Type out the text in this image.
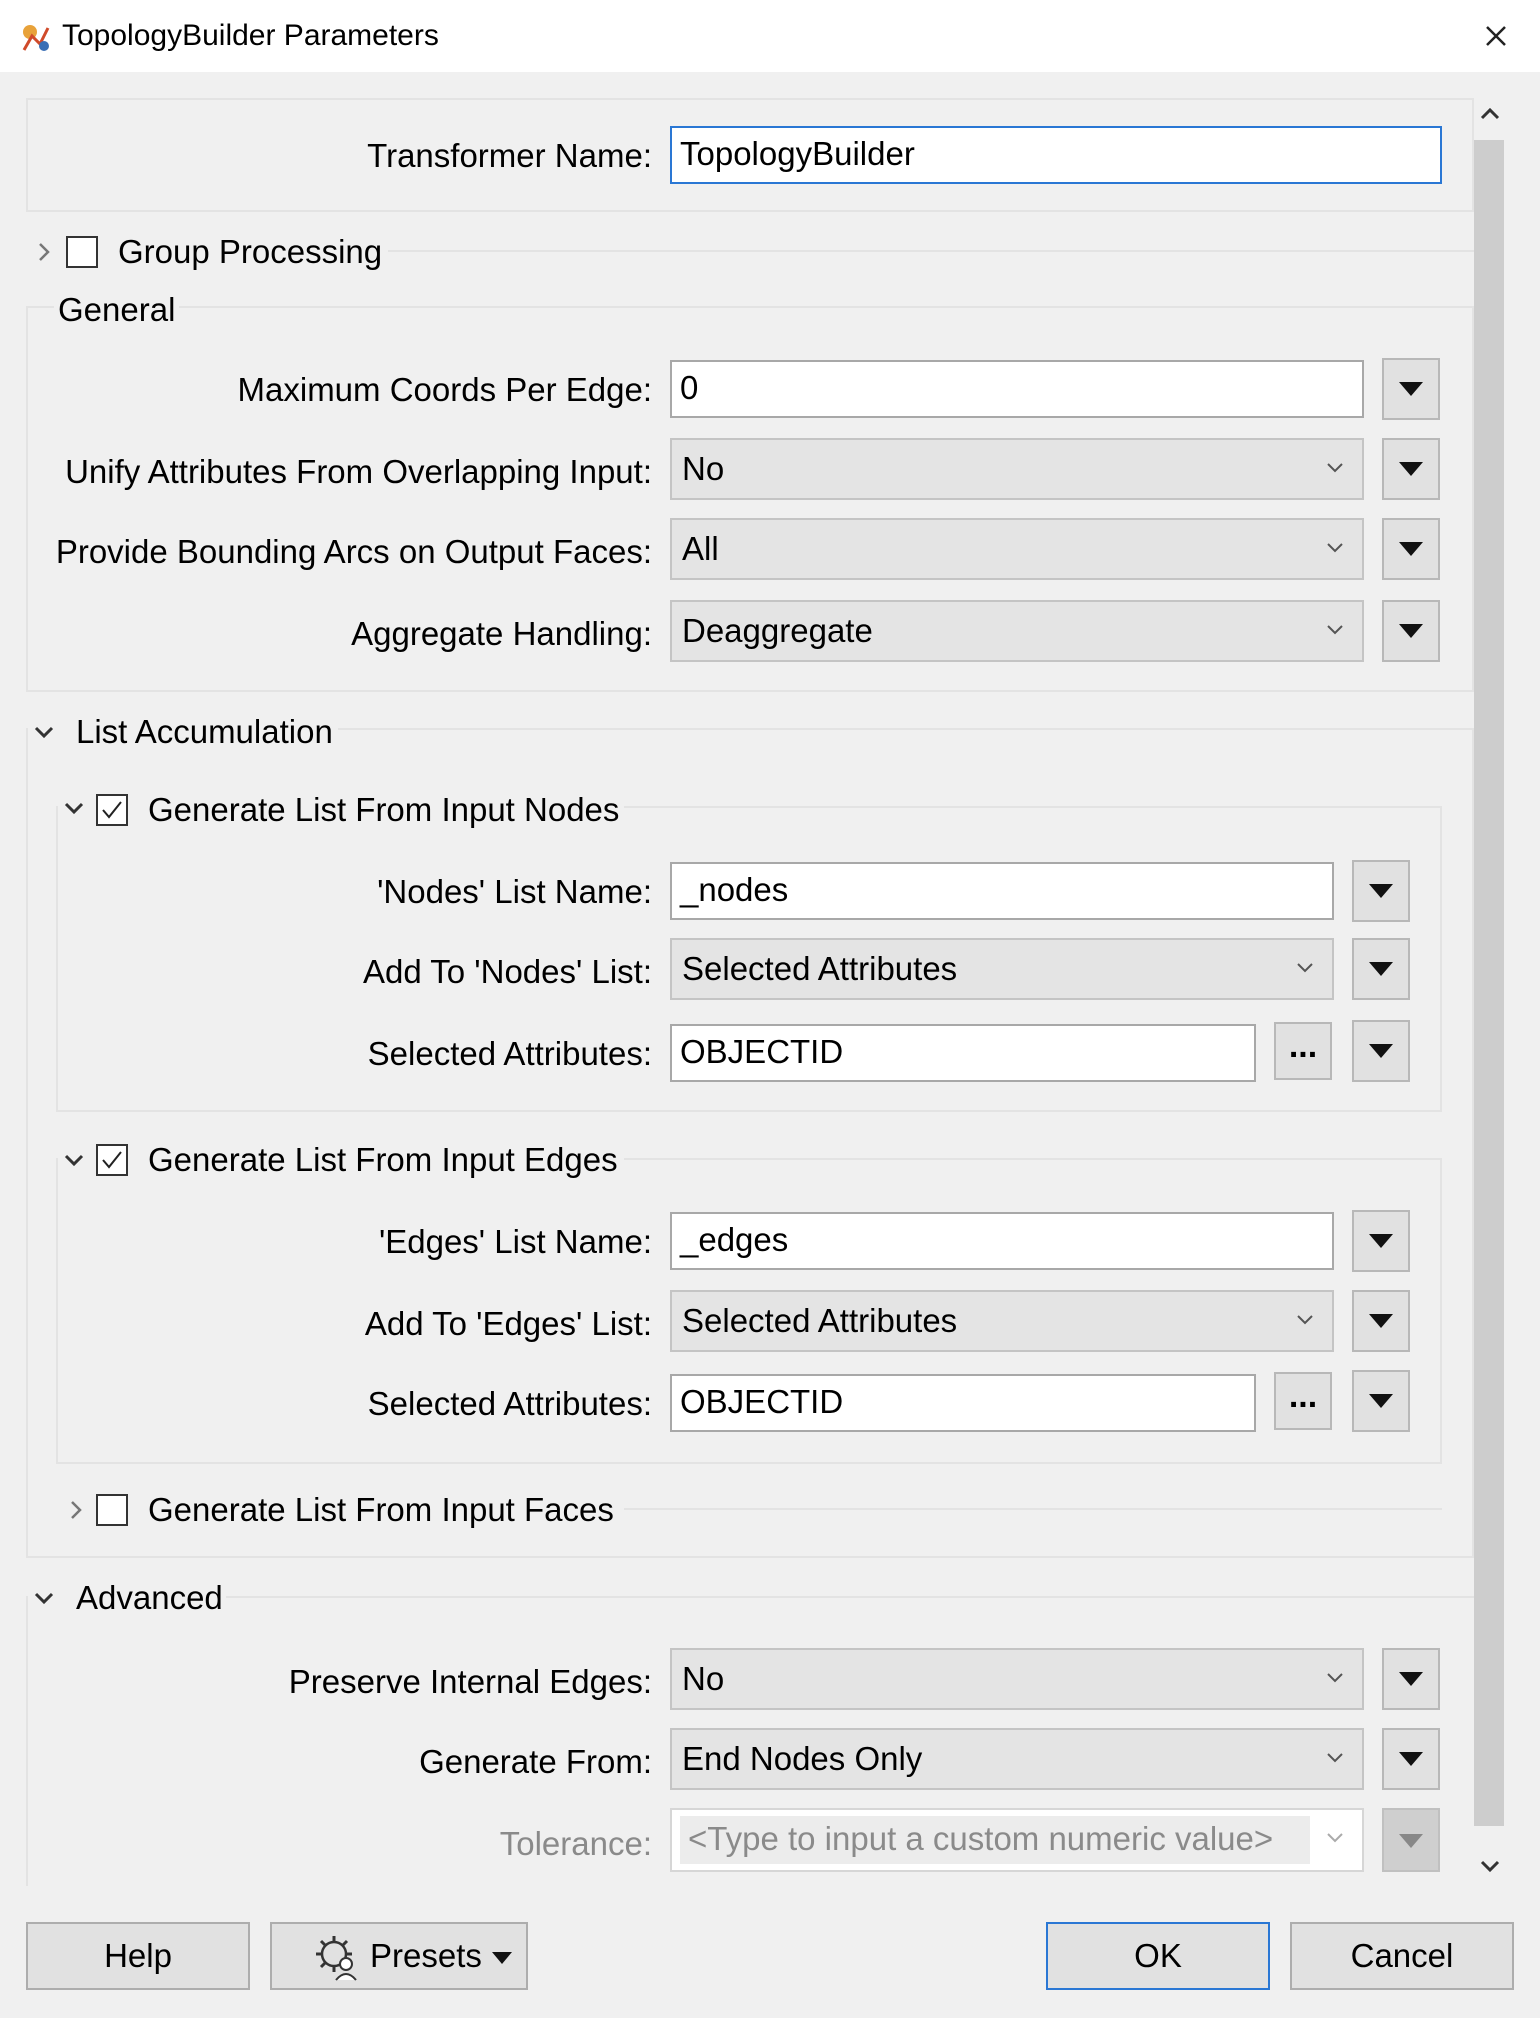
TopologyBuilder Parameters
Transformer Name: TopologyBuilder
Group Processing
General
Maximum Coords Per Edge: 0
Unify Attributes From Overlapping Input: No
Provide Bounding Arcs on Output Faces: All
Aggregate Handling: Deaggregate
List Accumulation
Generate List From Input Nodes
'Nodes' List Name: _nodes
Add To 'Nodes' List: Selected Attributes
Selected Attributes: OBJECTID	...
Generate List From Input Edges
'Edges' List Name: _edges
Add To 'Edges' List: Selected Attributes
Selected Attributes: OBJECTID	...
Generate List From Input Faces
Advanced
Preserve Internal Edges: No
Generate From: End Nodes Only
Tolerance: <Type to input a custom numeric value>
Help	Presets	OK	Cancel
